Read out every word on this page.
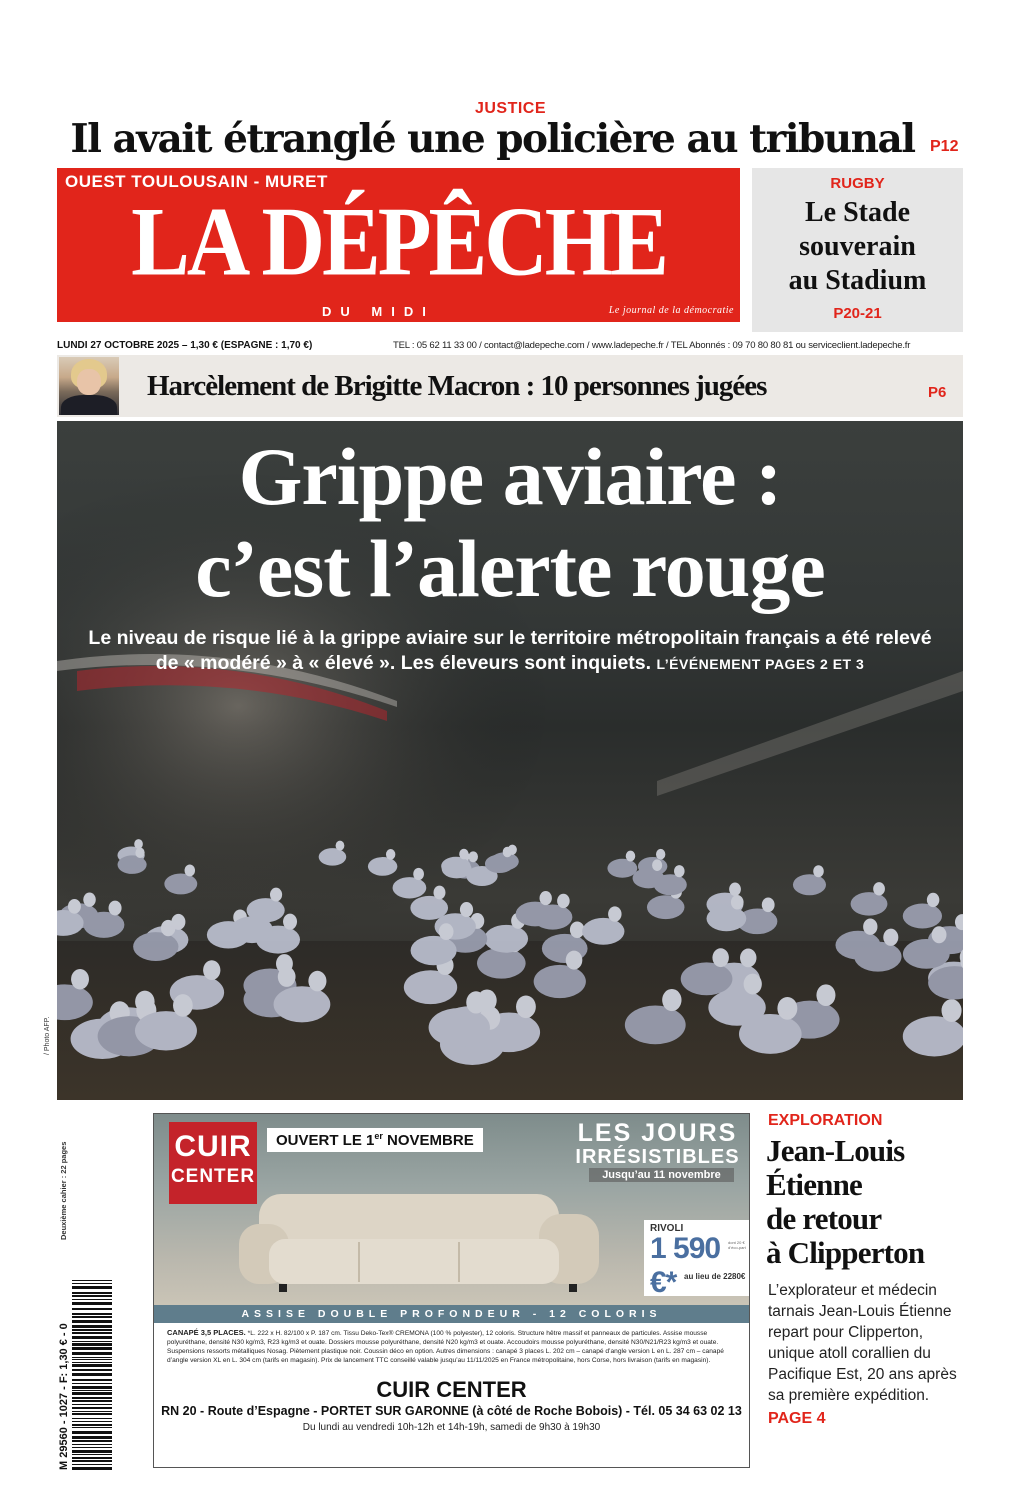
JUSTICE
Il avait étranglé une policière au tribunal P12
OUEST TOULOUSAIN - MURET
LA DÉPÊCHE
DU MIDI	Le journal de la démocratie
RUGBY
Le Stade
souverain
au Stadium
P20-21
LUNDI 27 OCTOBRE 2025 – 1,30 € (ESPAGNE : 1,70 €)	TEL : 05 62 11 33 00 / contact@ladepeche.com / www.ladepeche.fr / TEL Abonnés : 09 70 80 80 81 ou serviceclient.ladepeche.fr
Harcèlement de Brigitte Macron : 10 personnes jugées	P6
Grippe aviaire :
c’est l’alerte rouge
Le niveau de risque lié à la grippe aviaire sur le territoire métropolitain français a été relevé
de « modéré » à « élevé ». Les éleveurs sont inquiets. L’ÉVÉNEMENT PAGES 2 ET 3
/ Photo AFP.
CUIR
CENTER
OUVERT LE 1er NOVEMBRE	LES JOURS
IRRÉSISTIBLES
Jusqu’au 11 novembre
RIVOLI
1 590 €*
dont 20 € d’éco-part
au lieu de 2280€
ASSISE DOUBLE PROFONDEUR - 12 COLORIS
CANAPÉ 3,5 PLACES. *L. 222 x H. 82/100 x P. 187 cm. Tissu Deko-Tex® CREMONA (100 % polyester), 12 coloris. Structure hêtre massif et panneaux de particules. Assise mousse polyuréthane, densité N30 kg/m3, R23 kg/m3 et ouate. Dossiers mousse polyuréthane, densité N20 kg/m3 et ouate. Accoudoirs mousse polyuréthane, densité N30/N21/R23 kg/m3 et ouate. Suspensions ressorts métalliques Nosag. Piètement plastique noir. Coussin déco en option. Autres dimensions : canapé 3 places L. 202 cm – canapé d’angle version L en L. 287 cm – canapé d’angle version XL en L. 304 cm (tarifs en magasin). Prix de lancement TTC conseillé valable jusqu’au 11/11/2025 en France métropolitaine, hors Corse, hors livraison (tarifs en magasin).
CUIR CENTER
RN 20 - Route d’Espagne - PORTET SUR GARONNE (à côté de Roche Bobois) - Tél. 05 34 63 02 13
Du lundi au vendredi 10h-12h et 14h-19h, samedi de 9h30 à 19h30
EXPLORATION
Jean-Louis
Étienne
de retour
à Clipperton
L’explorateur et médecin tarnais Jean-Louis Étienne repart pour Clipperton, unique atoll corallien du Pacifique Est, 20 ans après sa première expédition.
PAGE 4
Deuxième cahier : 22 pages
M 29560 - 1027 - F: 1,30 € - 0
